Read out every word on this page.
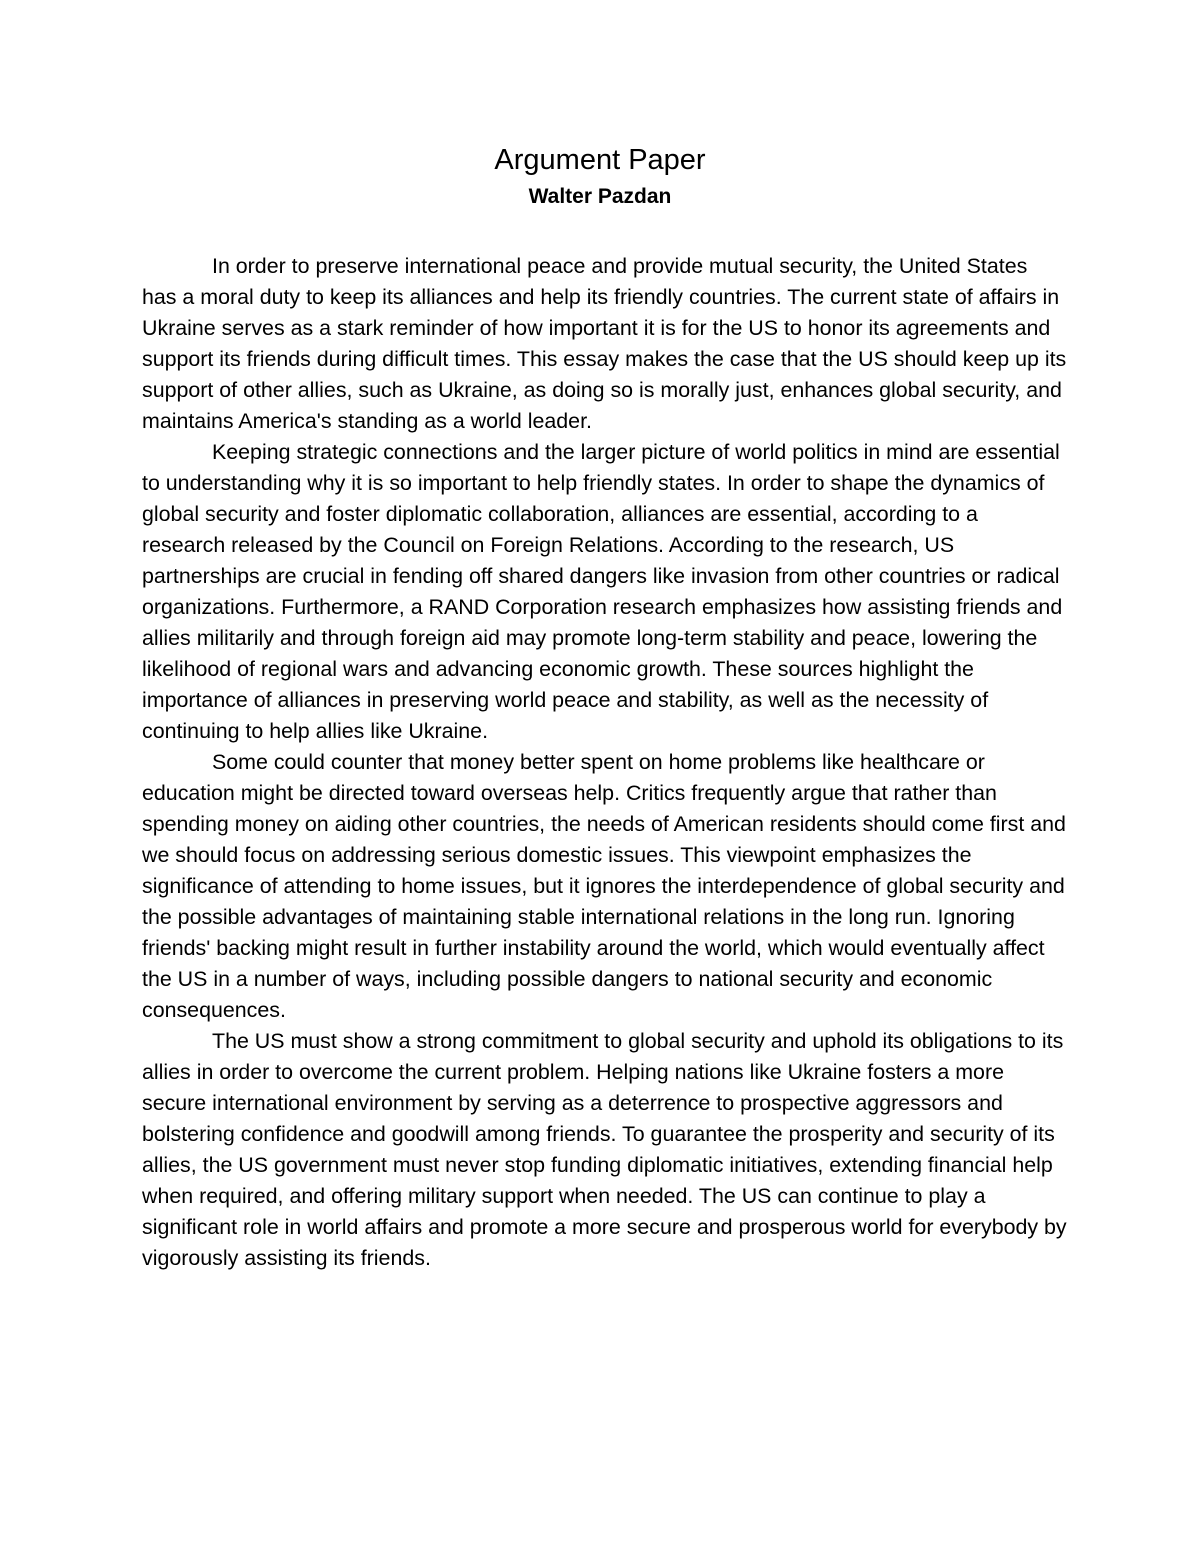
Argument Paper
Walter Pazdan

In order to preserve international peace and provide mutual security, the United States has a moral duty to keep its alliances and help its friendly countries. The current state of affairs in Ukraine serves as a stark reminder of how important it is for the US to honor its agreements and support its friends during difficult times. This essay makes the case that the US should keep up its support of other allies, such as Ukraine, as doing so is morally just, enhances global security, and maintains America's standing as a world leader.

Keeping strategic connections and the larger picture of world politics in mind are essential to understanding why it is so important to help friendly states. In order to shape the dynamics of global security and foster diplomatic collaboration, alliances are essential, according to a research released by the Council on Foreign Relations. According to the research, US partnerships are crucial in fending off shared dangers like invasion from other countries or radical organizations. Furthermore, a RAND Corporation research emphasizes how assisting friends and allies militarily and through foreign aid may promote long-term stability and peace, lowering the likelihood of regional wars and advancing economic growth. These sources highlight the importance of alliances in preserving world peace and stability, as well as the necessity of continuing to help allies like Ukraine.

Some could counter that money better spent on home problems like healthcare or education might be directed toward overseas help. Critics frequently argue that rather than spending money on aiding other countries, the needs of American residents should come first and we should focus on addressing serious domestic issues. This viewpoint emphasizes the significance of attending to home issues, but it ignores the interdependence of global security and the possible advantages of maintaining stable international relations in the long run. Ignoring friends' backing might result in further instability around the world, which would eventually affect the US in a number of ways, including possible dangers to national security and economic consequences.

The US must show a strong commitment to global security and uphold its obligations to its allies in order to overcome the current problem. Helping nations like Ukraine fosters a more secure international environment by serving as a deterrence to prospective aggressors and bolstering confidence and goodwill among friends. To guarantee the prosperity and security of its allies, the US government must never stop funding diplomatic initiatives, extending financial help when required, and offering military support when needed. The US can continue to play a significant role in world affairs and promote a more secure and prosperous world for everybody by vigorously assisting its friends.
